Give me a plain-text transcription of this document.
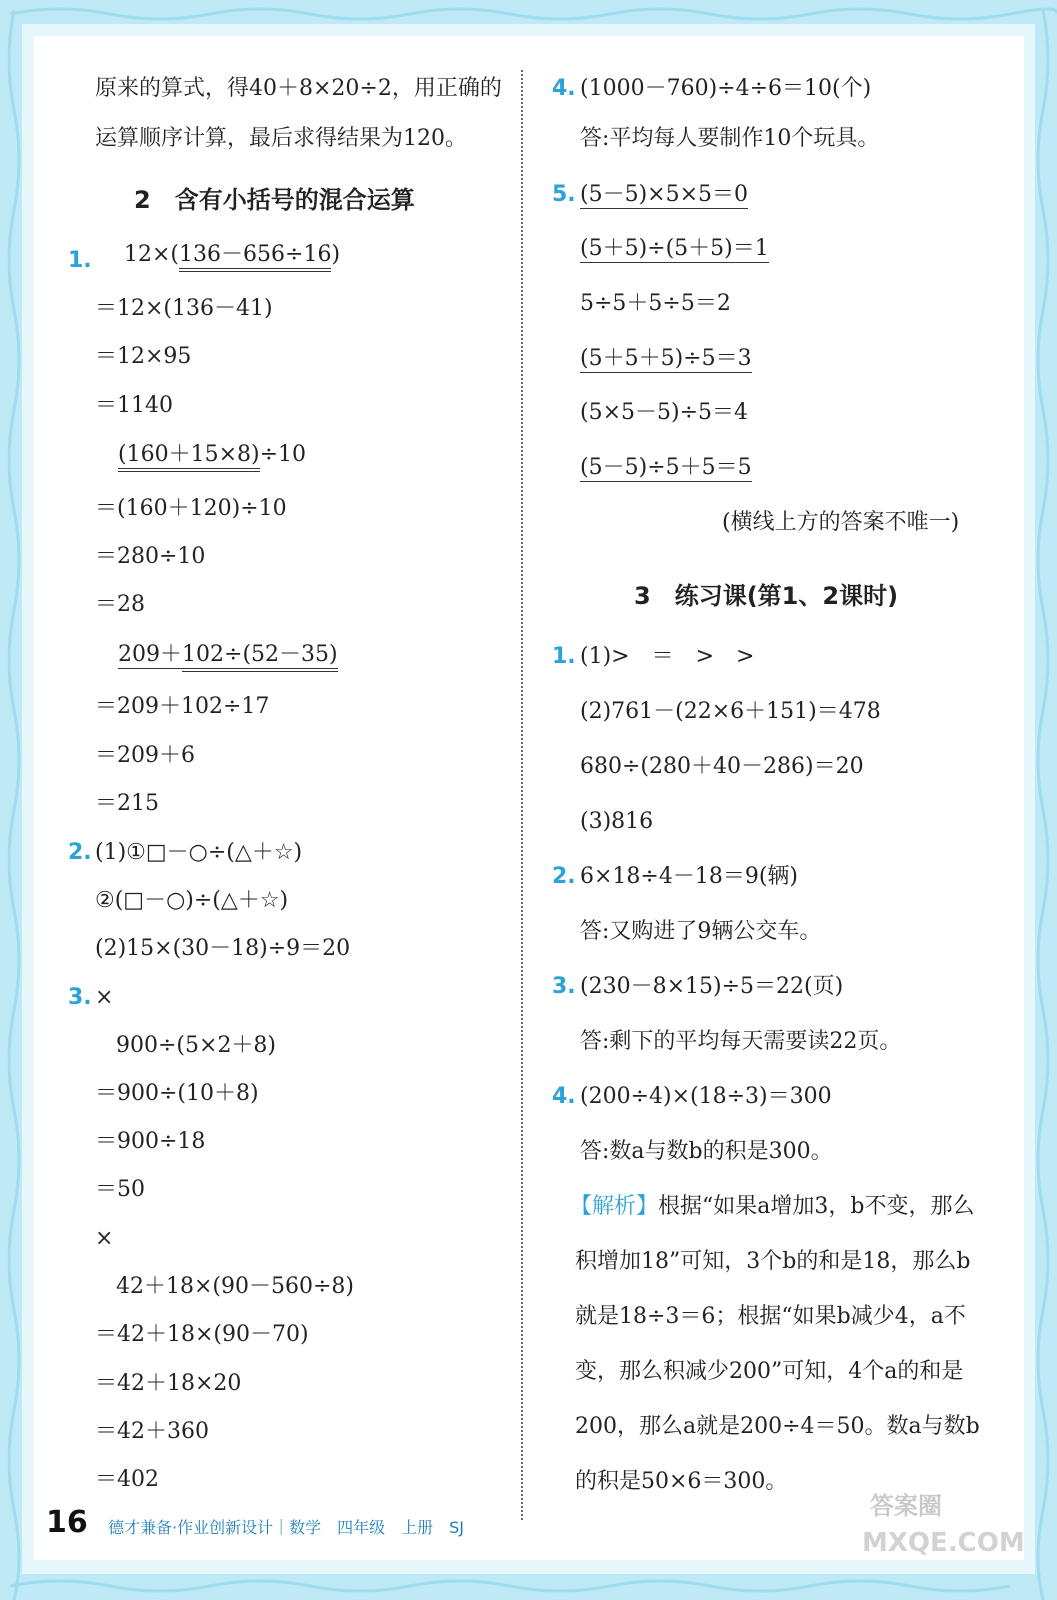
原来的算式，得40＋8×20÷2，用正确的
运算顺序计算，最后求得结果为120。
2　含有小括号的混合运算
1. 12×(136－656÷16)
＝12×(136－41)
＝12×95
＝1140
(160＋15×8)÷10
＝(160＋120)÷10
＝280÷10
＝28
209＋102÷(52－35)
＝209＋102÷17
＝209＋6
＝215
2. (1)①□－○÷(△＋☆)
②(□－○)÷(△＋☆)
(2)15×(30－18)÷9＝20
3. ×
900÷(5×2＋8)
＝900÷(10＋8)
＝900÷18
＝50
×
42＋18×(90－560÷8)
＝42＋18×(90－70)
＝42＋18×20
＝42＋360
＝402
4. (1000－760)÷4÷6＝10(个)
答:平均每人要制作10个玩具。
5. (5－5)×5×5＝0
(5＋5)÷(5＋5)＝1
5÷5＋5÷5＝2
(5＋5＋5)÷5＝3
(5×5－5)÷5＝4
(5－5)÷5＋5＝5
(横线上方的答案不唯一)
3　练习课(第1、2课时)
1. (1)>　＝　>　>
(2)761－(22×6＋151)＝478
680÷(280＋40－286)＝20
(3)816
2. 6×18÷4－18＝9(辆)
答:又购进了9辆公交车。
3. (230－8×15)÷5＝22(页)
答:剩下的平均每天需要读22页。
4. (200÷4)×(18÷3)＝300
答:数a与数b的积是300。
【解析】根据“如果a增加3，b不变，那么
积增加18”可知，3个b的和是18，那么b
就是18÷3＝6；根据“如果b减少4，a不
变，那么积减少200”可知，4个a的和是
200，那么a就是200÷4＝50。数a与数b
的积是50×6＝300。
16 德才兼备·作业创新设计｜数学　四年级　上册　SJ
答案圈
MXQE.COM
